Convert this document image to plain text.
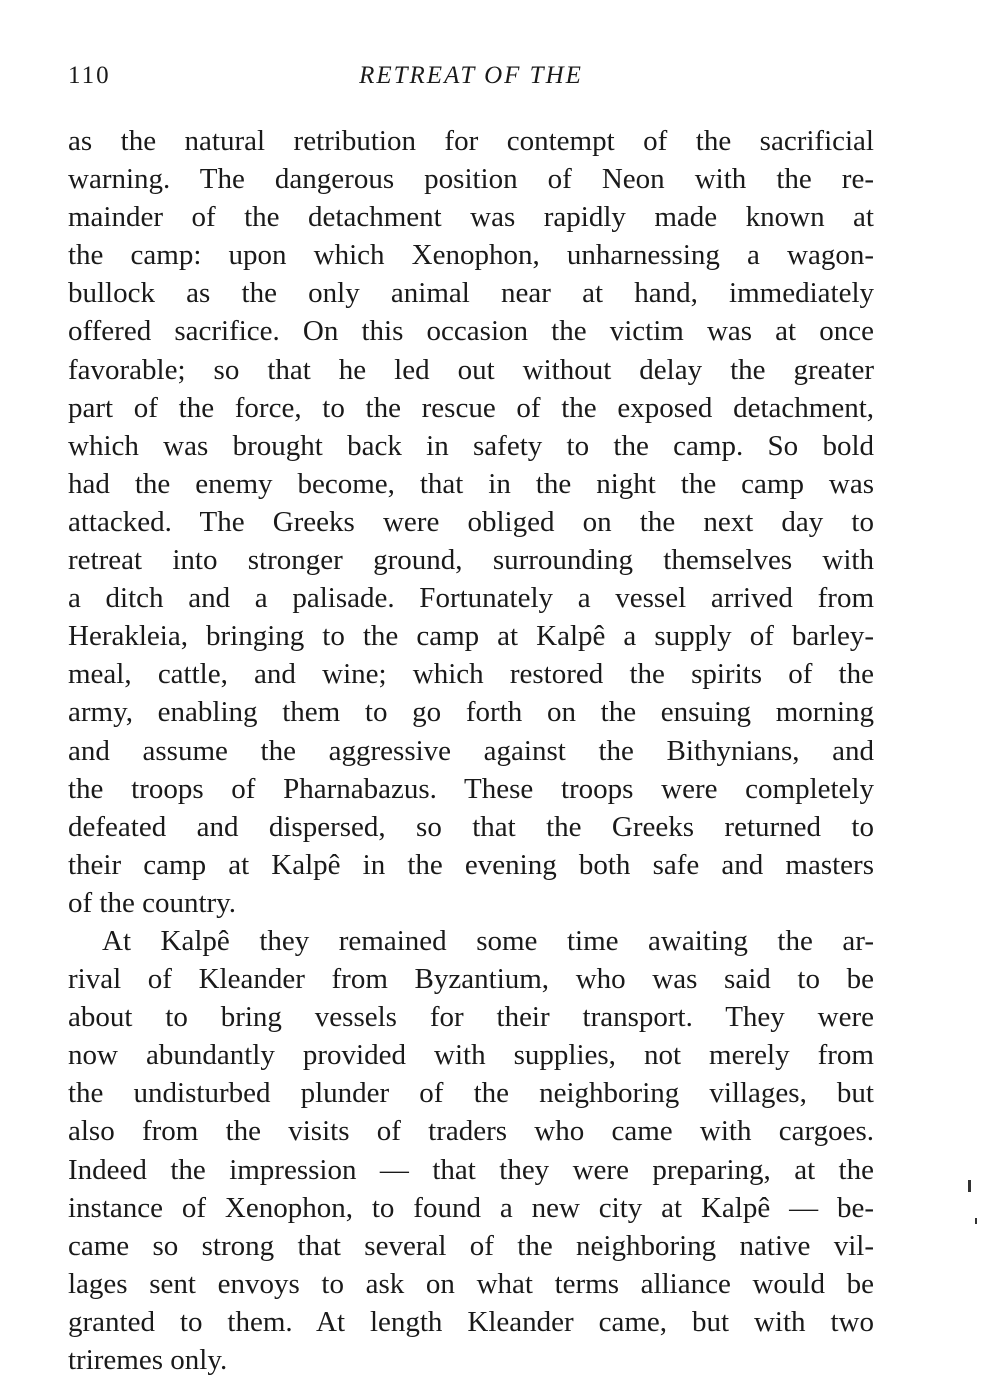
110	RETREAT OF THE
as the natural retribution for contempt of the sacrificial
warning. The dangerous position of Neon with the re-
mainder of the detachment was rapidly made known at
the camp: upon which Xenophon, unharnessing a wagon-
bullock as the only animal near at hand, immediately
offered sacrifice. On this occasion the victim was at once
favorable; so that he led out without delay the greater
part of the force, to the rescue of the exposed detachment,
which was brought back in safety to the camp. So bold
had the enemy become, that in the night the camp was
attacked. The Greeks were obliged on the next day to
retreat into stronger ground, surrounding themselves with
a ditch and a palisade. Fortunately a vessel arrived from
Herakleia, bringing to the camp at Kalpê a supply of barley-
meal, cattle, and wine; which restored the spirits of the
army, enabling them to go forth on the ensuing morning
and assume the aggressive against the Bithynians, and
the troops of Pharnabazus. These troops were completely
defeated and dispersed, so that the Greeks returned to
their camp at Kalpê in the evening both safe and masters
of the country.
At Kalpê they remained some time awaiting the ar-
rival of Kleander from Byzantium, who was said to be
about to bring vessels for their transport. They were
now abundantly provided with supplies, not merely from
the undisturbed plunder of the neighboring villages, but
also from the visits of traders who came with cargoes.
Indeed the impression — that they were preparing, at the
instance of Xenophon, to found a new city at Kalpê — be-
came so strong that several of the neighboring native vil-
lages sent envoys to ask on what terms alliance would be
granted to them. At length Kleander came, but with two
triremes only.
